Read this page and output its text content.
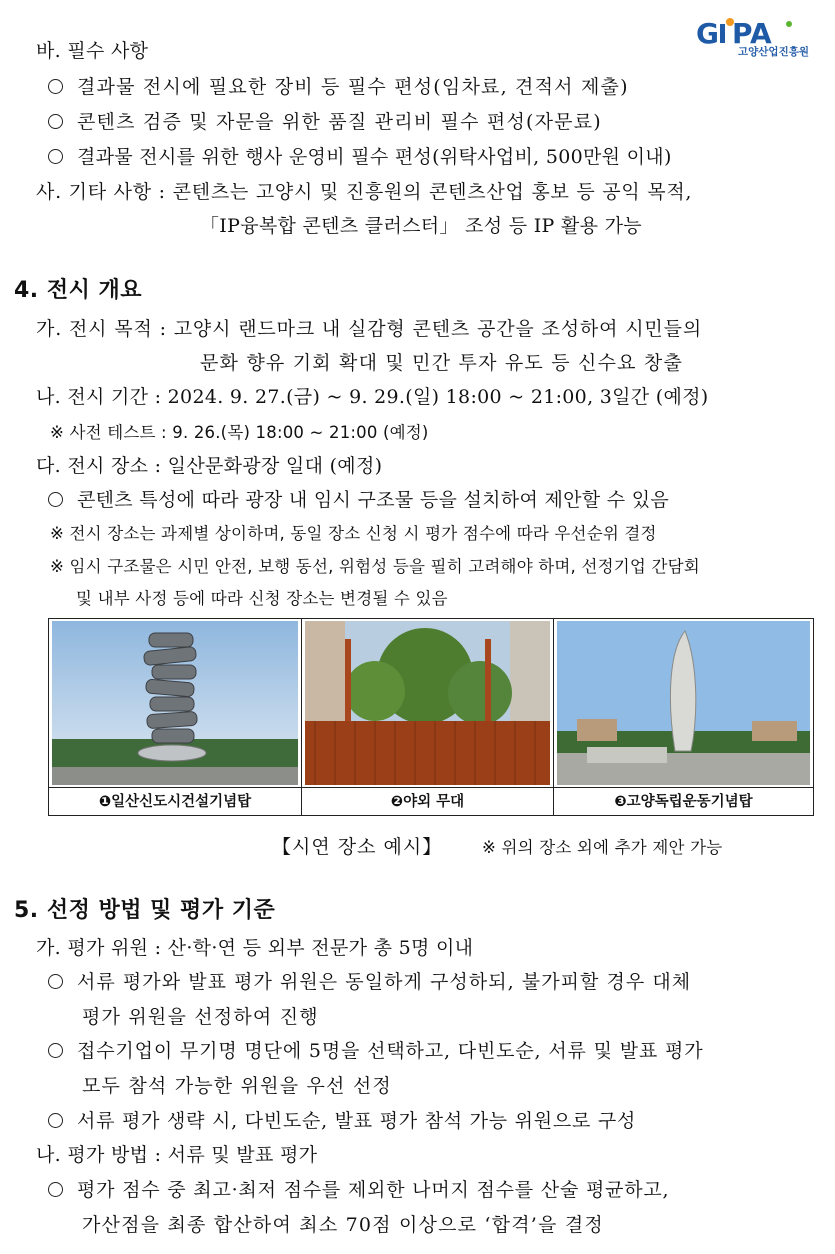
G PA
고양산업진흥원
바. 필수 사항
결과물 전시에 필요한 장비 등 필수 편성(임차료, 견적서 제출)
콘텐츠 검증 및 자문을 위한 품질 관리비 필수 편성(자문료)
결과물 전시를 위한 행사 운영비 필수 편성(위탁사업비, 500만원 이내)
사. 기타 사항 : 콘텐츠는 고양시 및 진흥원의 콘텐츠산업 홍보 등 공익 목적,
「IP융복합 콘텐츠 클러스터」 조성 등 IP 활용 가능
4. 전시 개요
가. 전시 목적 : 고양시 랜드마크 내 실감형 콘텐츠 공간을 조성하여 시민들의
문화 향유 기회 확대 및 민간 투자 유도 등 신수요 창출
나. 전시 기간 : 2024. 9. 27.(금) ~ 9. 29.(일) 18:00 ~ 21:00, 3일간 (예정)
※ 사전 테스트 : 9. 26.(목) 18:00 ~ 21:00 (예정)
다. 전시 장소 : 일산문화광장 일대 (예정)
콘텐츠 특성에 따라 광장 내 임시 구조물 등을 설치하여 제안할 수 있음
※ 전시 장소는 과제별 상이하며, 동일 장소 신청 시 평가 점수에 따라 우선순위 결정
※ 임시 구조물은 시민 안전, 보행 동선, 위험성 등을 필히 고려해야 하며, 선정기업 간담회
및 내부 사정 등에 따라 신청 장소는 변경될 수 있음
❶일산신도시건설기념탑	❷야외 무대	❸고양독립운동기념탑
【시연 장소 예시】 ※ 위의 장소 외에 추가 제안 가능
5. 선정 방법 및 평가 기준
가. 평가 위원 : 산·학·연 등 외부 전문가 총 5명 이내
서류 평가와 발표 평가 위원은 동일하게 구성하되, 불가피할 경우 대체
평가 위원을 선정하여 진행
접수기업이 무기명 명단에 5명을 선택하고, 다빈도순, 서류 및 발표 평가
모두 참석 가능한 위원을 우선 선정
서류 평가 생략 시, 다빈도순, 발표 평가 참석 가능 위원으로 구성
나. 평가 방법 : 서류 및 발표 평가
평가 점수 중 최고·최저 점수를 제외한 나머지 점수를 산술 평균하고,
가산점을 최종 합산하여 최소 70점 이상으로 ‘합격’을 결정
